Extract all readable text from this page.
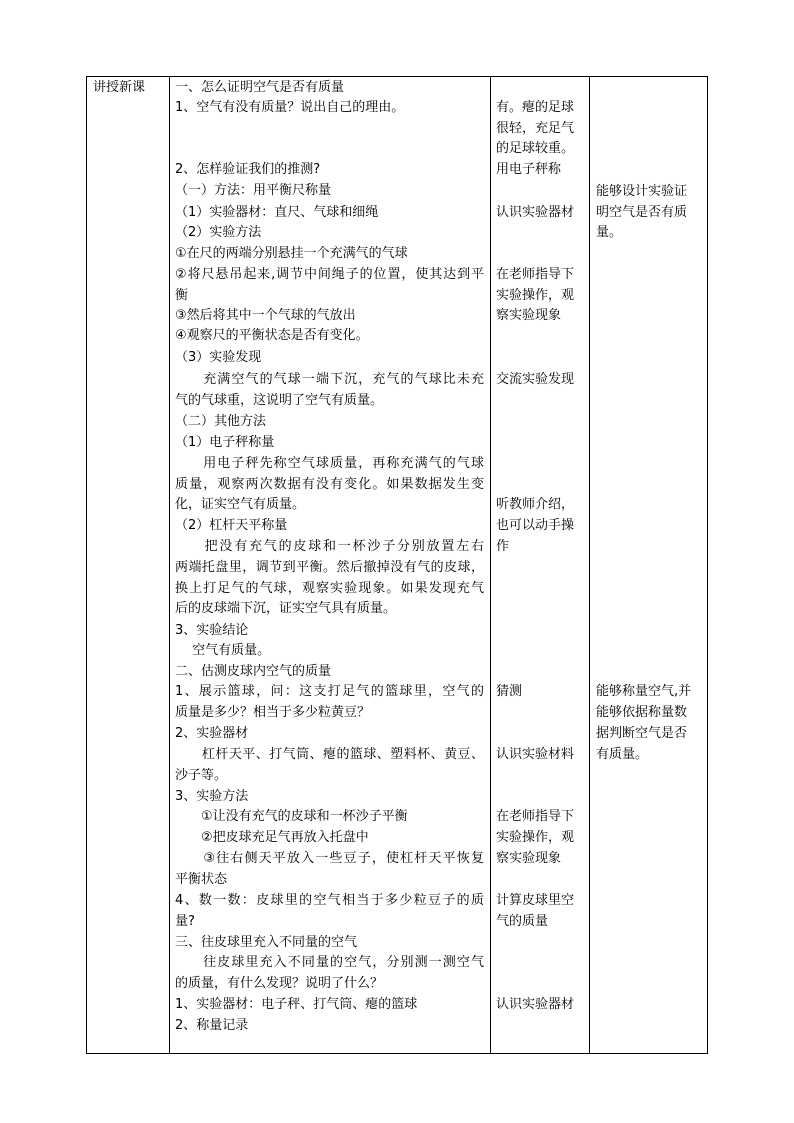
讲授新课	一、怎么证明空气是否有质量
1、空气有没有质量？说出自己的理由。
2、怎样验证我们的推测?
（一）方法：用平衡尺称量
（1）实验器材：直尺、气球和细绳
（2）实验方法
①在尺的两端分别悬挂一个充满气的气球
②将尺悬吊起来,调节中间绳子的位置，使其达到平
衡
③然后将其中一个气球的气放出
④观察尺的平衡状态是否有变化。
（3）实验发现
　　充满空气的气球一端下沉，充气的气球比未充
气的气球重，这说明了空气有质量。
（二）其他方法
（1）电子秤称量
　　用电子秤先称空气球质量，再称充满气的气球
质量，观察两次数据有没有变化。如果数据发生变
化，证实空气有质量。
（2）杠杆天平称量
　　把没有充气的皮球和一杯沙子分别放置左右
两端托盘里，调节到平衡。然后撤掉没有气的皮球，
换上打足气的气球，观察实验现象。如果发现充气
后的皮球端下沉，证实空气具有质量。
3、实验结论
　 空气有质量。
二、估测皮球内空气的质量
1、展示篮球，问：这支打足气的篮球里，空气的
质量是多少？相当于多少粒黄豆？
2、实验器材
　　杠杆天平、打气筒、瘪的篮球、塑料杯、黄豆、
沙子等。
3、实验方法
　　①让没有充气的皮球和一杯沙子平衡
　　②把皮球充足气再放入托盘中
　　③往右侧天平放入一些豆子，使杠杆天平恢复
平衡状态
4、数一数：皮球里的空气相当于多少粒豆子的质
量?
三、往皮球里充入不同量的空气
　　往皮球里充入不同量的空气，分别测一测空气
的质量，有什么发现？说明了什么？
1、实验器材：电子秤、打气筒、瘪的篮球
2、称量记录
有。瘪的足球
很轻，充足气
的足球较重。
用电子秤称
认识实验器材
在老师指导下
实验操作，观
察实验现象
交流实验发现
听教师介绍，
也可以动手操
作
猜测
认识实验材料
在老师指导下
实验操作，观
察实验现象
计算皮球里空
气的质量
认识实验器材
能够设计实验证
明空气是否有质
量。
能够称量空气,并
能够依据称量数
据判断空气是否
有质量。
